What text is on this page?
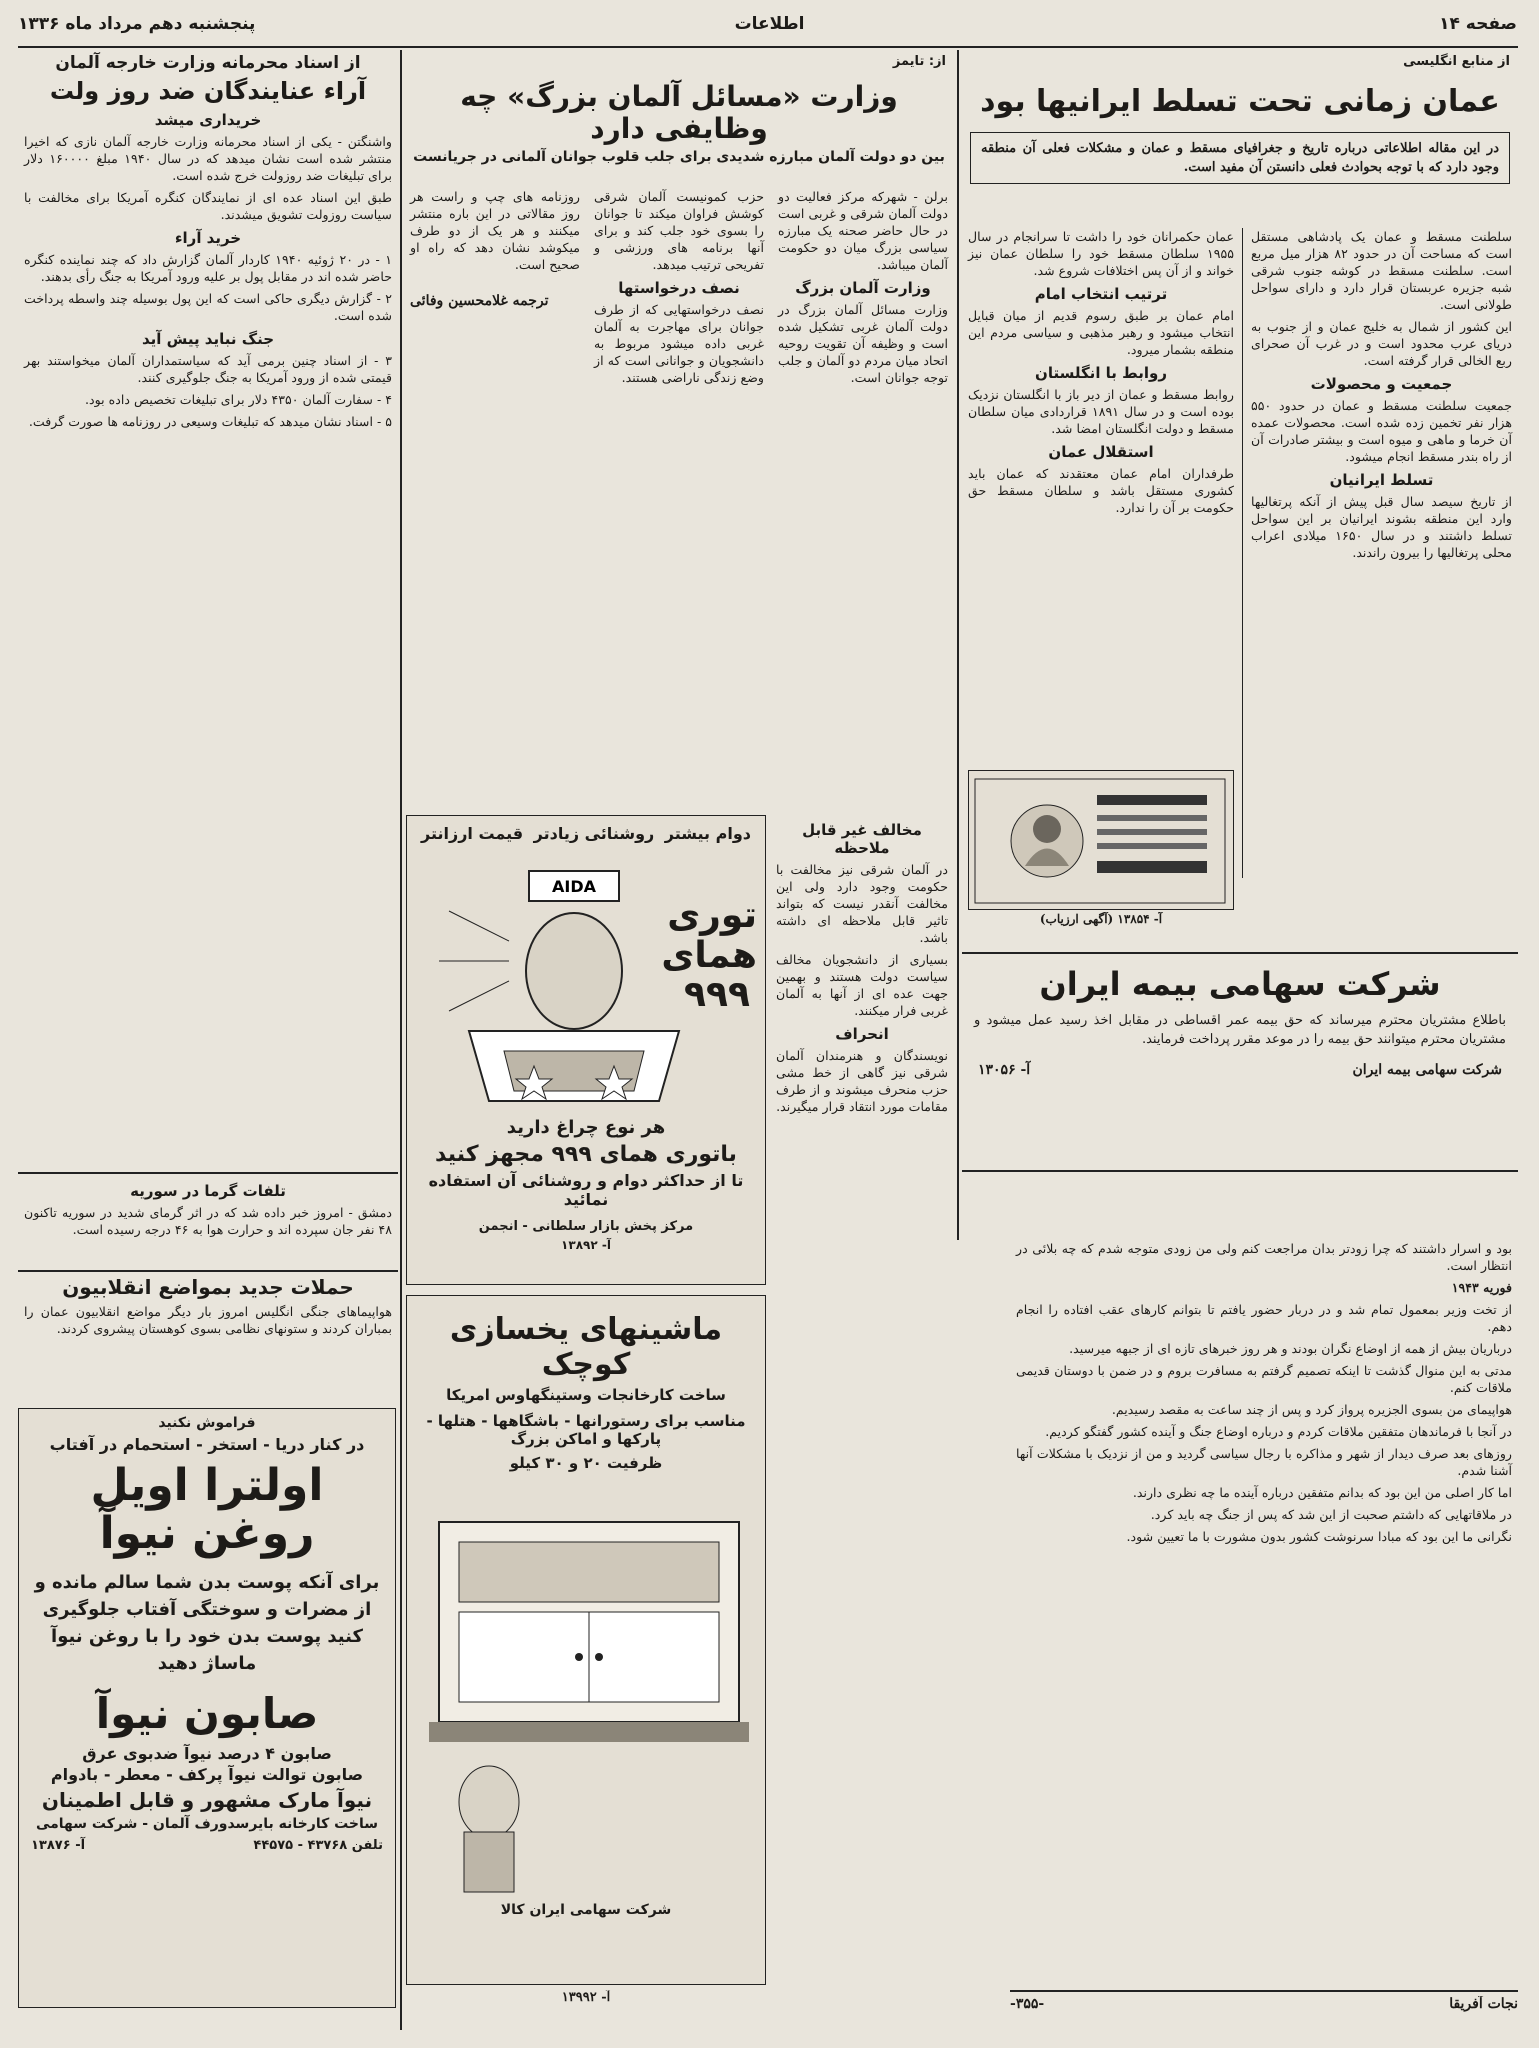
صفحه ۱۴
اطلاعات
پنجشنبه دهم مرداد ماه ۱۳۳۶
از منابع انگلیسی
عمان زمانی تحت تسلط ایرانیها بود
در این مقاله اطلاعاتی درباره تاریخ و جغرافیای مسقط و عمان و مشکلات فعلی آن منطقه وجود دارد که با توجه بحوادث فعلی دانستن آن مفید است.

سلطنت مسقط و عمان یک پادشاهی مستقل است که مساحت آن در حدود ۸۲ هزار میل مربع است. سلطنت مسقط در کوشه جنوب شرقی شبه جزیره عربستان قرار دارد و دارای سواحل طولانی است.

این کشور از شمال به خلیج عمان و از جنوب به دریای عرب محدود است و در غرب آن صحرای ربع الخالی قرار گرفته است.

جمعیت و محصولات

جمعیت سلطنت مسقط و عمان در حدود ۵۵۰ هزار نفر تخمین زده شده است. محصولات عمده آن خرما و ماهی و میوه است و بیشتر صادرات آن از راه بندر مسقط انجام میشود.

تسلط ایرانیان

از تاریخ سیصد سال قبل پیش از آنکه پرتغالیها وارد این منطقه بشوند ایرانیان بر این سواحل تسلط داشتند و در سال ۱۶۵۰ میلادی اعراب محلی پرتغالیها را بیرون راندند.

عمان حکمرانان خود را داشت تا سرانجام در سال ۱۹۵۵ سلطان مسقط خود را سلطان عمان نیز خواند و از آن پس اختلافات شروع شد.

ترتیب انتخاب امام

امام عمان بر طبق رسوم قدیم از میان قبایل انتخاب میشود و رهبر مذهبی و سیاسی مردم این منطقه بشمار میرود.

روابط با انگلستان

روابط مسقط و عمان از دیر باز با انگلستان نزدیک بوده است و در سال ۱۸۹۱ قراردادی میان سلطان مسقط و دولت انگلستان امضا شد.

استقلال عمان

طرفداران امام عمان معتقدند که عمان باید کشوری مستقل باشد و سلطان مسقط حق حکومت بر آن را ندارد.

آ- ۱۳۸۵۴ (آگهی ارزیاب)
شرکت سهامی بیمه ایران

باطلاع مشتریان محترم میرساند که حق بیمه عمر اقساطی در مقابل اخذ رسید عمل میشود و مشتریان محترم میتوانند حق بیمه را در موعد مقرر پرداخت فرمایند.

شرکت سهامی بیمه ایران
آ- ۱۳۰۵۶

بود و اسرار داشتند که چرا زودتر بدان مراجعت کنم ولی من زودی متوجه شدم که چه بلائی در انتظار است.

فوریه ۱۹۴۳

از تخت وزیر بمعمول تمام شد و در دربار حضور یافتم تا بتوانم کارهای عقب افتاده را انجام دهم.

درباریان بیش از همه از اوضاع نگران بودند و هر روز خبرهای تازه ای از جبهه میرسید.

مدتی به این منوال گذشت تا اینکه تصمیم گرفتم به مسافرت بروم و در ضمن با دوستان قدیمی ملاقات کنم.

هواپیمای من بسوی الجزیره پرواز کرد و پس از چند ساعت به مقصد رسیدیم.

در آنجا با فرماندهان متفقین ملاقات کردم و درباره اوضاع جنگ و آینده کشور گفتگو کردیم.

روزهای بعد صرف دیدار از شهر و مذاکره با رجال سیاسی گردید و من از نزدیک با مشکلات آنها آشنا شدم.

اما کار اصلی من این بود که بدانم متفقین درباره آینده ما چه نظری دارند.

در ملاقاتهایی که داشتم صحبت از این شد که پس از جنگ چه باید کرد.

نگرانی ما این بود که مبادا سرنوشت کشور بدون مشورت با ما تعیین شود.

نجات آفریقا
-۳۵۵-
از: تایمز
وزارت «مسائل آلمان بزرگ» چه وظایفی دارد
بین دو دولت آلمان مبارزه شدیدی برای جلب قلوب جوانان آلمانی در جریانست

برلن - شهرکه مرکز فعالیت دو دولت آلمان شرقی و غربی است در حال حاضر صحنه یک مبارزه سیاسی بزرگ میان دو حکومت آلمان میباشد.

وزارت آلمان بزرگ

وزارت مسائل آلمان بزرگ در دولت آلمان غربی تشکیل شده است و وظیفه آن تقویت روحیه اتحاد میان مردم دو آلمان و جلب توجه جوانان است.

حزب کمونیست آلمان شرقی کوشش فراوان میکند تا جوانان را بسوی خود جلب کند و برای آنها برنامه های ورزشی و تفریحی ترتیب میدهد.

نصف درخواستها

نصف درخواستهایی که از طرف جوانان برای مهاجرت به آلمان غربی داده میشود مربوط به دانشجویان و جوانانی است که از وضع زندگی ناراضی هستند.

روزنامه های چپ و راست هر روز مقالاتی در این باره منتشر میکنند و هر یک از دو طرف میکوشد نشان دهد که راه او صحیح است.

ترجمه غلامحسین وفائی
دوام بیشتر
روشنائی زیادتر
قیمت ارزانتر
AIDA
توری همای ۹۹۹
هر نوع چراغ دارید
باتوری همای ۹۹۹ مجهز کنید
تا از حداکثر دوام و روشنائی آن استفاده نمائید
مرکز پخش بازار سلطانی - انجمن
آ- ۱۳۸۹۲
مخالف غیر قابل ملاحظه

در آلمان شرقی نیز مخالفت با حکومت وجود دارد ولی این مخالفت آنقدر نیست که بتواند تاثیر قابل ملاحظه ای داشته باشد.

بسیاری از دانشجویان مخالف سیاست دولت هستند و بهمین جهت عده ای از آنها به آلمان غربی فرار میکنند.

انحراف

نویسندگان و هنرمندان آلمان شرقی نیز گاهی از خط مشی حزب منحرف میشوند و از طرف مقامات مورد انتقاد قرار میگیرند.

ماشینهای یخسازی کوچک
ساخت کارخانجات وستینگهاوس امریکا
مناسب برای رستورانها - باشگاهها - هتلها - پارکها و اماکن بزرگ
ظرفیت ۲۰ و ۳۰ کیلو
شرکت سهامی ایران کالا
آ- ۱۳۹۹۲
از اسناد محرمانه وزارت خارجه آلمان
آراء عنایندگان ضد روز ولت
خریداری میشد

واشنگتن - یکی از اسناد محرمانه وزارت خارجه آلمان نازی که اخیرا منتشر شده است نشان میدهد که در سال ۱۹۴۰ مبلغ ۱۶۰۰۰۰ دلار برای تبلیغات ضد روزولت خرج شده است.

طبق این اسناد عده ای از نمایندگان کنگره آمریکا برای مخالفت با سیاست روزولت تشویق میشدند.

خرید آراء

۱ - در ۲۰ ژوئیه ۱۹۴۰ کاردار آلمان گزارش داد که چند نماینده کنگره حاضر شده اند در مقابل پول بر علیه ورود آمریکا به جنگ رأی بدهند.

۲ - گزارش دیگری حاکی است که این پول بوسیله چند واسطه پرداخت شده است.

جنگ نباید پیش آید

۳ - از اسناد چنین برمی آید که سیاستمداران آلمان میخواستند بهر قیمتی شده از ورود آمریکا به جنگ جلوگیری کنند.

۴ - سفارت آلمان ۴۳۵۰ دلار برای تبلیغات تخصیص داده بود.

۵ - اسناد نشان میدهد که تبلیغات وسیعی در روزنامه ها صورت گرفت.

تلفات گرما در سوریه

دمشق - امروز خبر داده شد که در اثر گرمای شدید در سوریه تاکنون ۴۸ نفر جان سپرده اند و حرارت هوا به ۴۶ درجه رسیده است.

حملات جدید بمواضع انقلابیون

هواپیماهای جنگی انگلیس امروز بار دیگر مواضع انقلابیون عمان را بمباران کردند و ستونهای نظامی بسوی کوهستان پیشروی کردند.

فراموش نکنید
در کنار دریا - استخر - استحمام در آفتاب
اولترا اویل
روغن نیوآ
برای آنکه پوست بدن شما سالم مانده و از مضرات و سوختگی آفتاب جلوگیری کنید پوست بدن خود را با روغن نیوآ ماساژ دهید
صابون نیوآ
صابون ۴ درصد نیوآ ضدبوی عرق
صابون توالت نیوآ پرکف - معطر - بادوام
نیوآ مارک مشهور و قابل اطمینان
ساخت کارخانه بایرسدورف آلمان - شرکت سهامی
تلفن ۴۳۷۶۸ - ۴۴۵۷۵
آ- ۱۳۸۷۶
